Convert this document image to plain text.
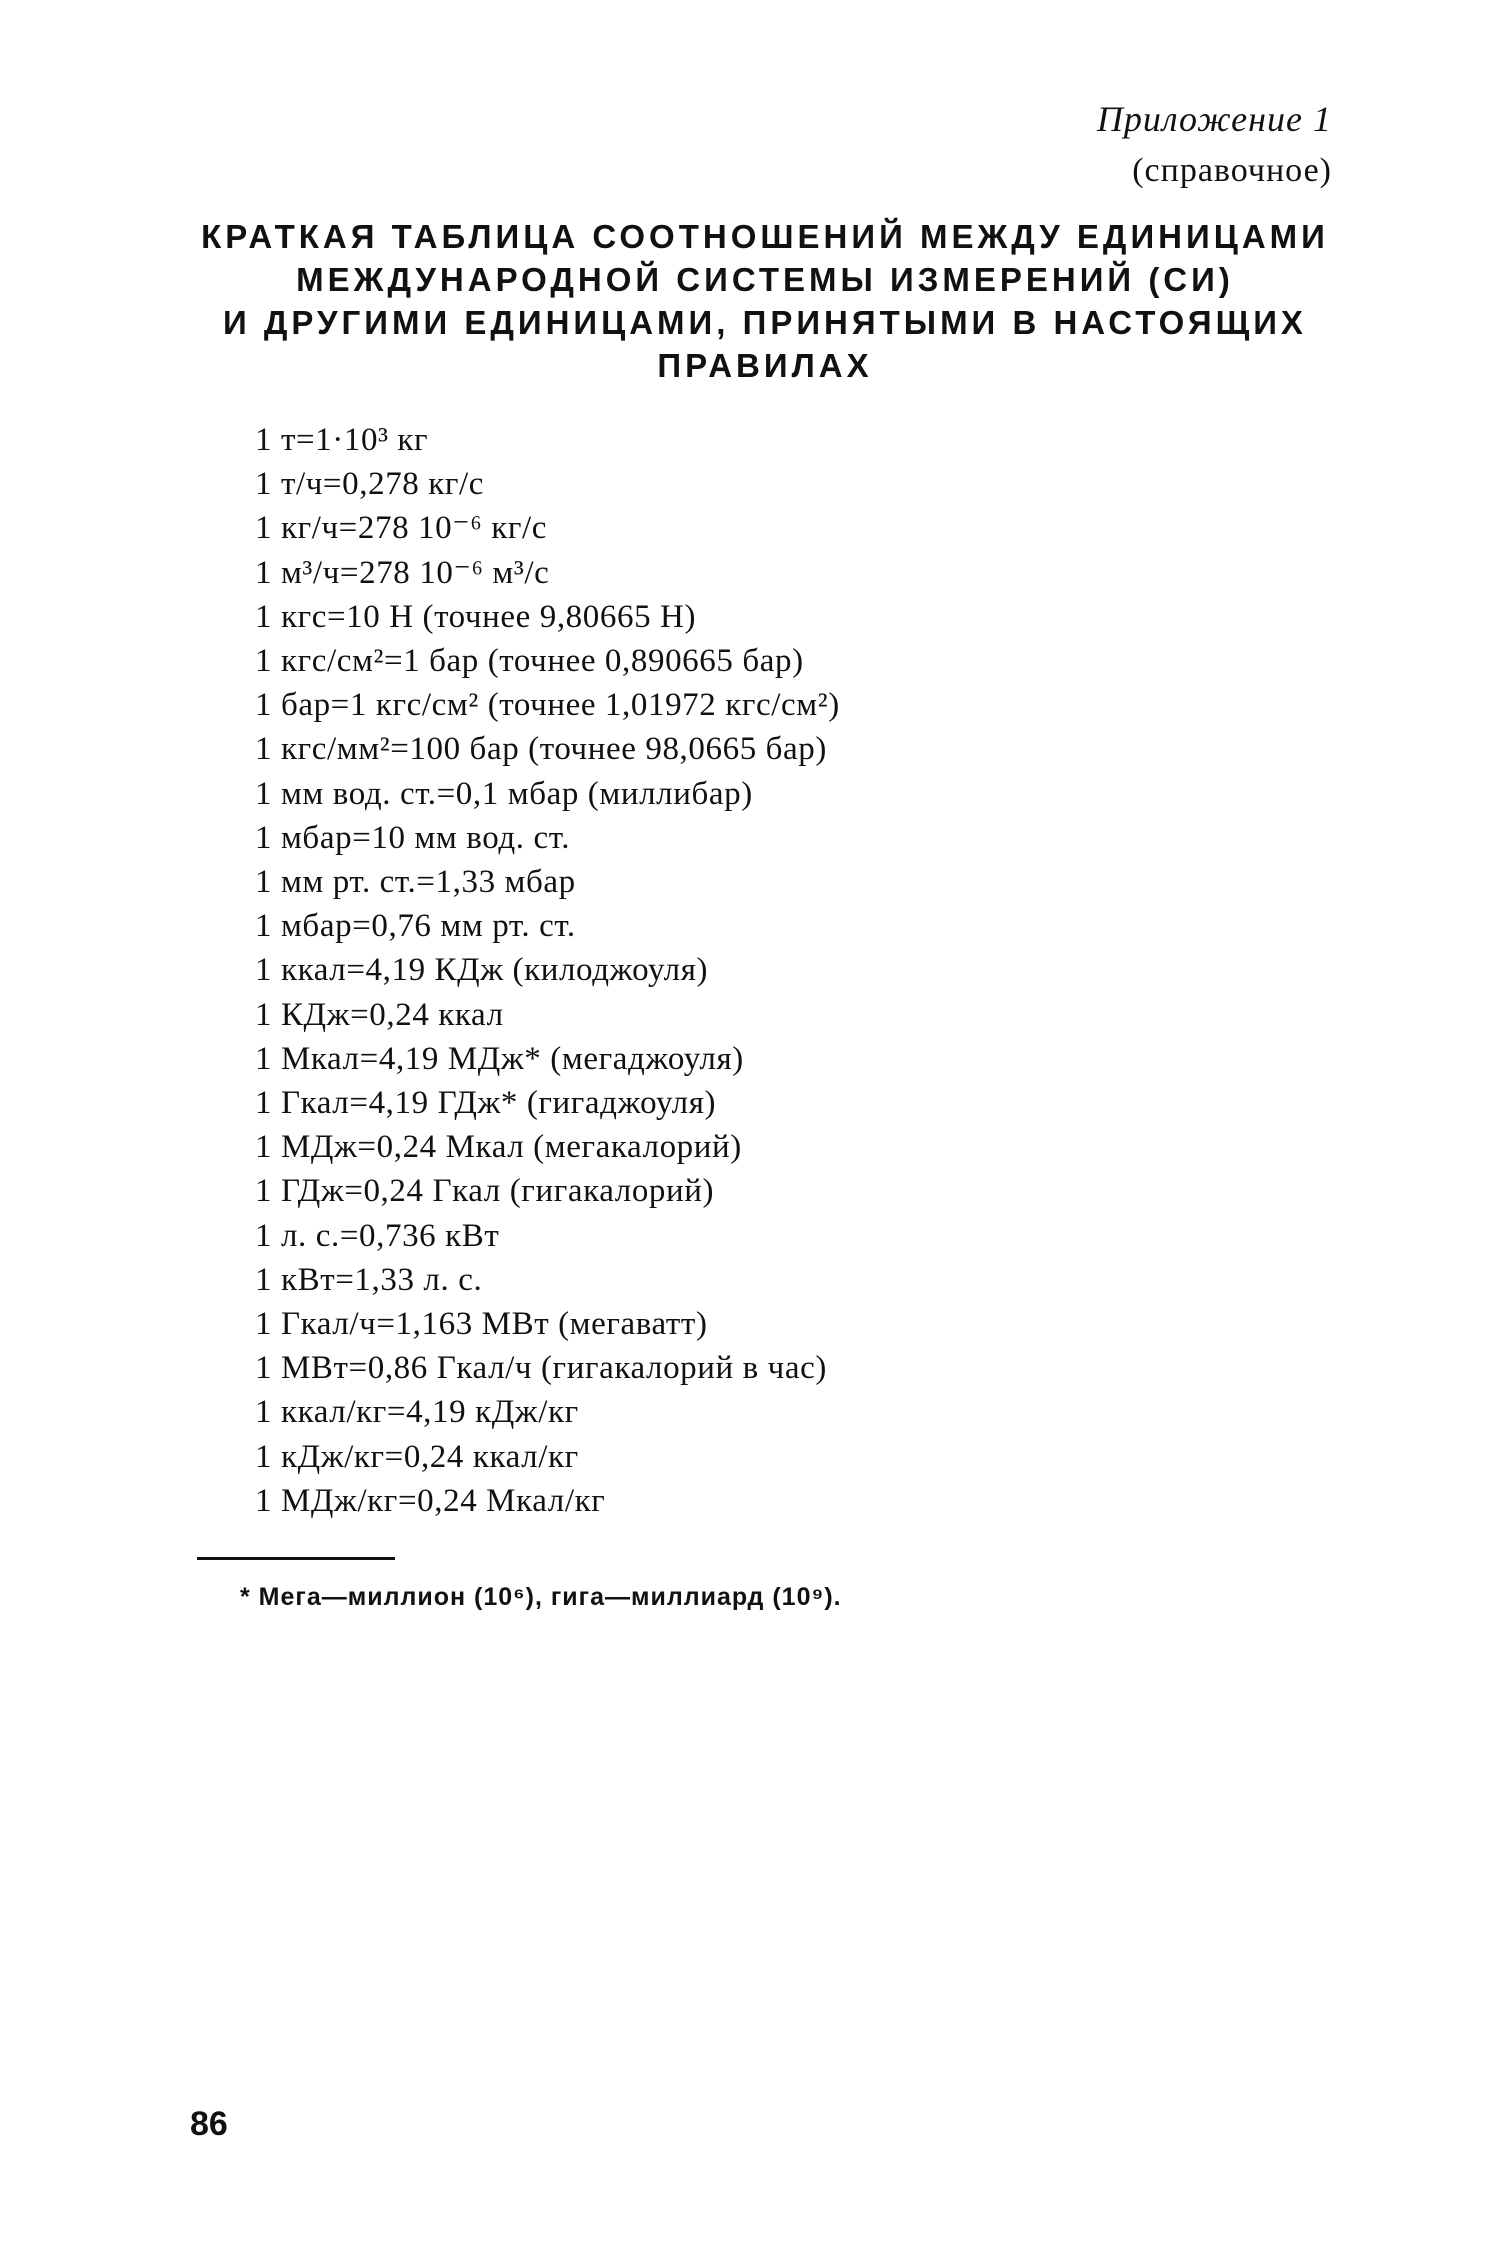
Приложение 1
(справочное)
КРАТКАЯ ТАБЛИЦА СООТНОШЕНИЙ МЕЖДУ ЕДИНИЦАМИ
МЕЖДУНАРОДНОЙ СИСТЕМЫ ИЗМЕРЕНИЙ (СИ)
И ДРУГИМИ ЕДИНИЦАМИ, ПРИНЯТЫМИ В НАСТОЯЩИХ
ПРАВИЛАХ
1 т=1·10³ кг
1 т/ч=0,278 кг/с
1 кг/ч=278 10⁻⁶ кг/с
1 м³/ч=278 10⁻⁶ м³/с
1 кгс=10 Н (точнее 9,80665 Н)
1 кгс/см²=1 бар (точнее 0,890665 бар)
1 бар=1 кгс/см² (точнее 1,01972 кгс/см²)
1 кгс/мм²=100 бар (точнее 98,0665 бар)
1 мм вод. ст.=0,1 мбар (миллибар)
1 мбар=10 мм вод. ст.
1 мм рт. ст.=1,33 мбар
1 мбар=0,76 мм рт. ст.
1 ккал=4,19 КДж (килоджоуля)
1 КДж=0,24 ккал
1 Мкал=4,19 МДж* (мегаджоуля)
1 Гкал=4,19 ГДж* (гигаджоуля)
1 МДж=0,24 Мкал (мегакалорий)
1 ГДж=0,24 Гкал (гигакалорий)
1 л. с.=0,736 кВт
1 кВт=1,33 л. с.
1 Гкал/ч=1,163 МВт (мегаватт)
1 МВт=0,86 Гкал/ч (гигакалорий в час)
1 ккал/кг=4,19 кДж/кг
1 кДж/кг=0,24 ккал/кг
1 МДж/кг=0,24 Мкал/кг
* Мега—миллион (10⁶), гига—миллиард (10⁹).
86
